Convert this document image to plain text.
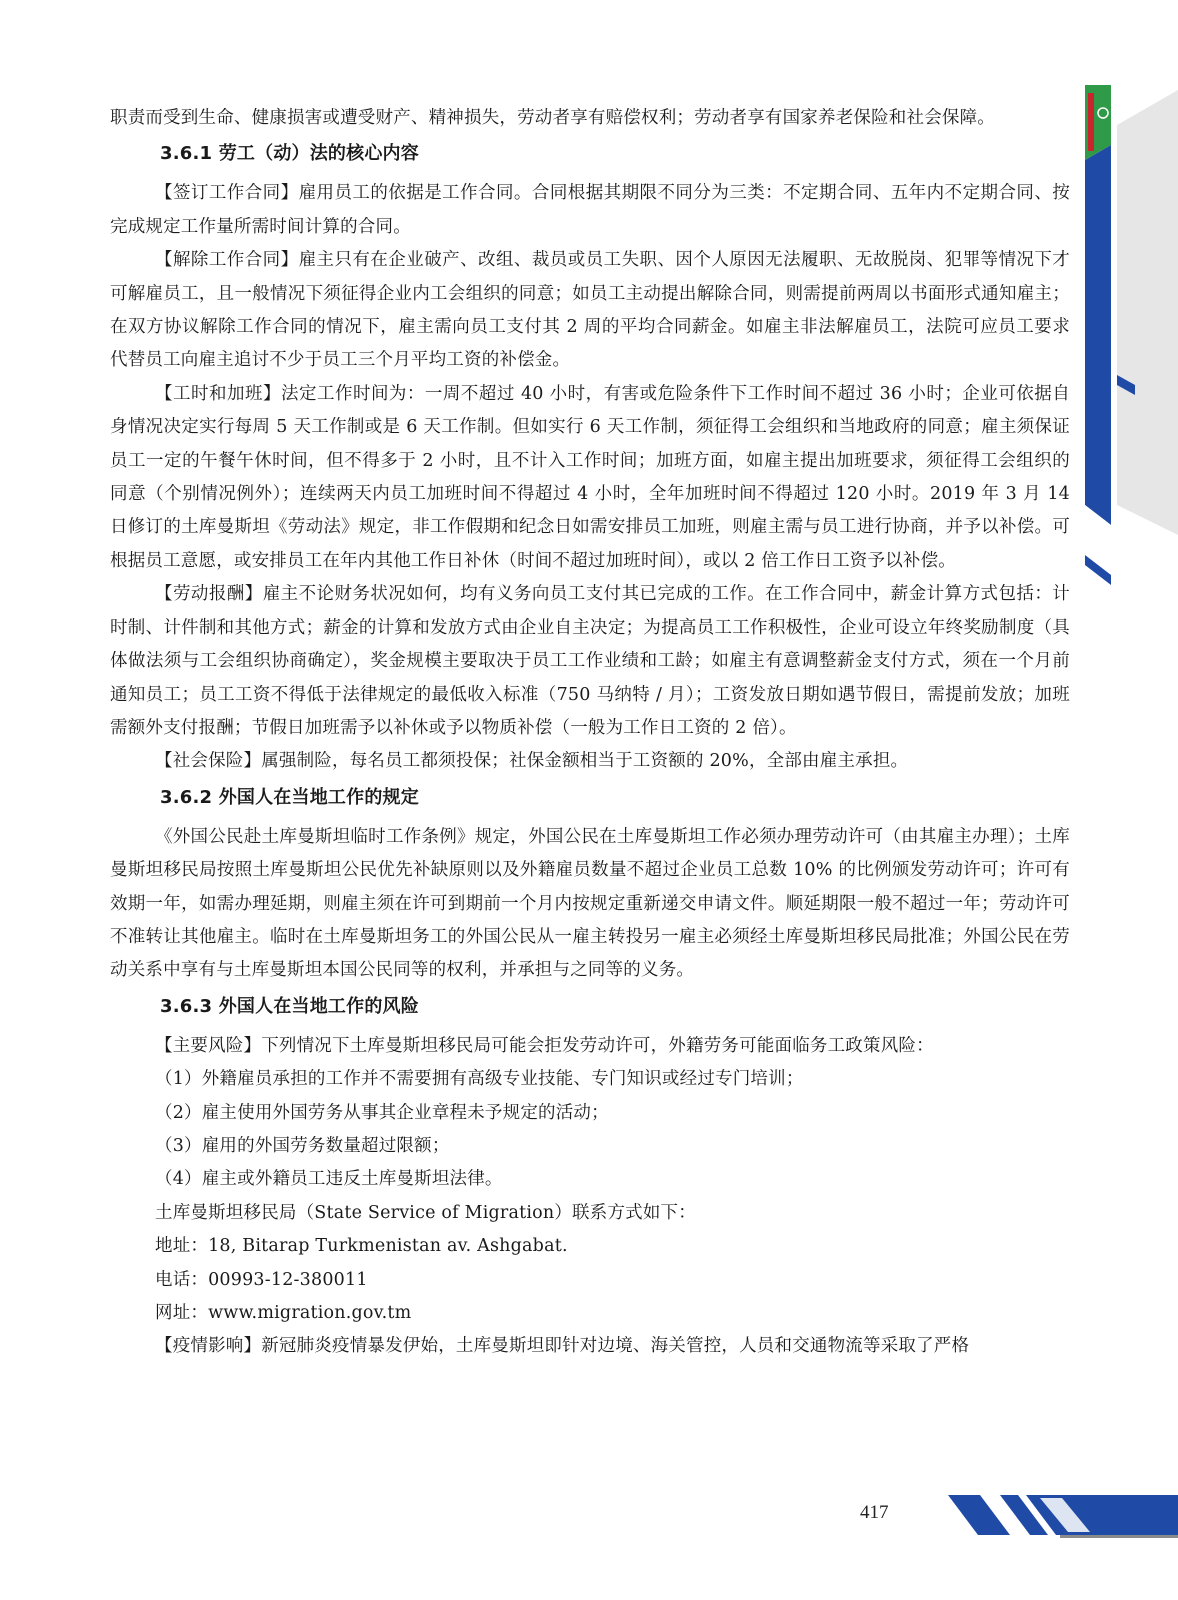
职责而受到生命、健康损害或遭受财产、精神损失，劳动者享有赔偿权利；劳动者享有国家养老保险和社会保障。

3.6.1 劳工（动）法的核心内容

【签订工作合同】雇用员工的依据是工作合同。合同根据其期限不同分为三类：不定期合同、五年内不定期合同、按完成规定工作量所需时间计算的合同。

【解除工作合同】雇主只有在企业破产、改组、裁员或员工失职、因个人原因无法履职、无故脱岗、犯罪等情况下才可解雇员工，且一般情况下须征得企业内工会组织的同意；如员工主动提出解除合同，则需提前两周以书面形式通知雇主；在双方协议解除工作合同的情况下，雇主需向员工支付其 2 周的平均合同薪金。如雇主非法解雇员工，法院可应员工要求代替员工向雇主追讨不少于员工三个月平均工资的补偿金。

【工时和加班】法定工作时间为：一周不超过 40 小时，有害或危险条件下工作时间不超过 36 小时；企业可依据自身情况决定实行每周 5 天工作制或是 6 天工作制。但如实行 6 天工作制，须征得工会组织和当地政府的同意；雇主须保证员工一定的午餐午休时间，但不得多于 2 小时，且不计入工作时间；加班方面，如雇主提出加班要求，须征得工会组织的同意（个别情况例外）；连续两天内员工加班时间不得超过 4 小时，全年加班时间不得超过 120 小时。2019 年 3 月 14 日修订的土库曼斯坦《劳动法》规定，非工作假期和纪念日如需安排员工加班，则雇主需与员工进行协商，并予以补偿。可根据员工意愿，或安排员工在年内其他工作日补休（时间不超过加班时间），或以 2 倍工作日工资予以补偿。

【劳动报酬】雇主不论财务状况如何，均有义务向员工支付其已完成的工作。在工作合同中，薪金计算方式包括：计时制、计件制和其他方式；薪金的计算和发放方式由企业自主决定；为提高员工工作积极性，企业可设立年终奖励制度（具体做法须与工会组织协商确定），奖金规模主要取决于员工工作业绩和工龄；如雇主有意调整薪金支付方式，须在一个月前通知员工；员工工资不得低于法律规定的最低收入标准（750 马纳特 / 月）；工资发放日期如遇节假日，需提前发放；加班需额外支付报酬；节假日加班需予以补休或予以物质补偿（一般为工作日工资的 2 倍）。

【社会保险】属强制险，每名员工都须投保；社保金额相当于工资额的 20%，全部由雇主承担。

3.6.2 外国人在当地工作的规定

《外国公民赴土库曼斯坦临时工作条例》规定，外国公民在土库曼斯坦工作必须办理劳动许可（由其雇主办理）；土库曼斯坦移民局按照土库曼斯坦公民优先补缺原则以及外籍雇员数量不超过企业员工总数 10% 的比例颁发劳动许可；许可有效期一年，如需办理延期，则雇主须在许可到期前一个月内按规定重新递交申请文件。顺延期限一般不超过一年；劳动许可不准转让其他雇主。临时在土库曼斯坦务工的外国公民从一雇主转投另一雇主必须经土库曼斯坦移民局批准；外国公民在劳动关系中享有与土库曼斯坦本国公民同等的权利，并承担与之同等的义务。

3.6.3 外国人在当地工作的风险

【主要风险】下列情况下土库曼斯坦移民局可能会拒发劳动许可，外籍劳务可能面临务工政策风险：

（1）外籍雇员承担的工作并不需要拥有高级专业技能、专门知识或经过专门培训；

（2）雇主使用外国劳务从事其企业章程未予规定的活动；

（3）雇用的外国劳务数量超过限额；

（4）雇主或外籍员工违反土库曼斯坦法律。

土库曼斯坦移民局（State Service of Migration）联系方式如下：

地址：18, Bitarap Turkmenistan av. Ashgabat.

电话：00993-12-380011

网址：www.migration.gov.tm

【疫情影响】新冠肺炎疫情暴发伊始，土库曼斯坦即针对边境、海关管控，人员和交通物流等采取了严格

417
